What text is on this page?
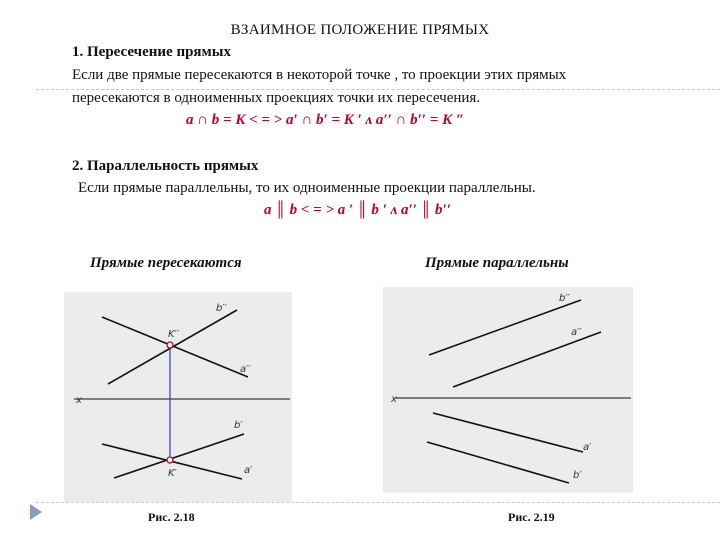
ВЗАИМНОЕ ПОЛОЖЕНИЕ ПРЯМЫХ
1. Пересечение прямых
Если две прямые пересекаются в некоторой точке , то проекции этих прямых
пересекаются в одноименных проекциях точки их пересечения.
a ∩ b = K < = > a′ ∩ b′ = K ′ ʌ a′′ ∩ b′′ = K ″
2. Параллельность прямых
Если прямые параллельны, то их одноименные проекции параллельны.
a ║ b < = > a ′ ║ b ′ ʌ a′′ ║ b′′
Прямые пересекаются	Прямые параллельны
b′′
K′′
a′′
x
b′
K′	a′
b′′
a′′
x
a′
b′
Рис. 2.18	Рис. 2.19
